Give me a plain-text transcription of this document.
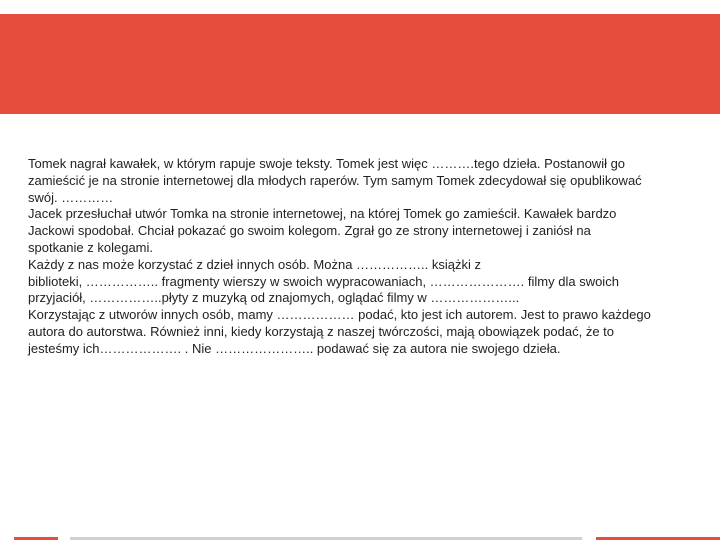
Tomek nagrał kawałek, w którym rapuje swoje teksty. Tomek jest więc ……….tego dzieła. Postanowił go
zamieścić je na stronie internetowej dla młodych raperów. Tym samym Tomek zdecydował się opublikować
swój. …………
Jacek przesłuchał utwór Tomka na stronie internetowej, na której Tomek go zamieścił. Kawałek bardzo
Jackowi spodobał. Chciał pokazać go swoim kolegom. Zgrał go ze strony internetowej i zaniósł na
spotkanie z kolegami.
Każdy z nas może korzystać z dzieł innych osób. Można …………….. książki z
biblioteki, …………….. fragmenty wierszy w swoich wypracowaniach, …………………. filmy dla swoich
przyjaciół, ……………..płyty z muzyką od znajomych, oglądać filmy w ………………...
Korzystając z utworów innych osób, mamy ……………… podać, kto jest ich autorem. Jest to prawo każdego
autora do autorstwa. Również inni, kiedy korzystają z naszej twórczości, mają obowiązek podać, że to
jesteśmy ich………………. . Nie ………………….. podawać się za autora nie swojego dzieła.
